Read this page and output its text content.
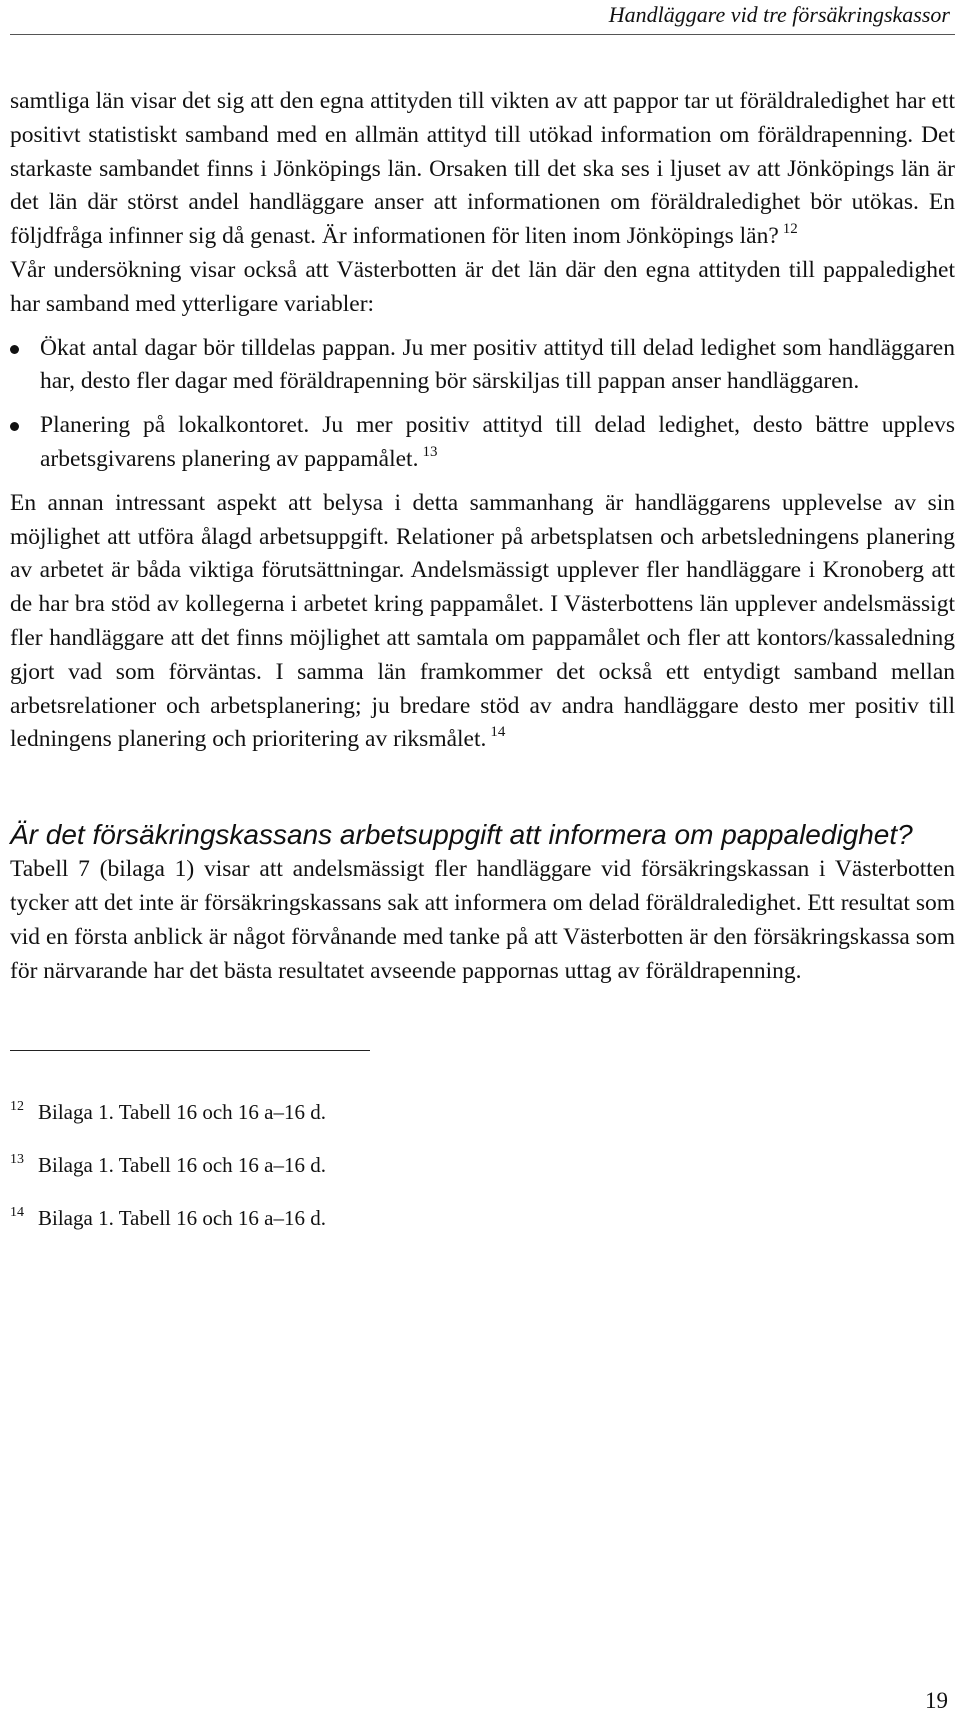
Handläggare vid tre försäkringskassor

samtliga län visar det sig att den egna attityden till vikten av att pappor tar ut föräldraledighet har ett positivt statistiskt samband med en allmän attityd till utökad information om föräldrapenning. Det starkaste sambandet finns i Jönköpings län. Orsaken till det ska ses i ljuset av att Jönköpings län är det län där störst andel handläggare anser att informationen om föräldraledighet bör utökas. En följdfråga infinner sig då genast. Är informationen för liten inom Jönköpings län? $^{12}$

Vår undersökning visar också att Västerbotten är det län där den egna attityden till pappaledighet har samband med ytterligare variabler:

Ökat antal dagar bör tilldelas pappan. Ju mer positiv attityd till delad ledighet som handläggaren har, desto fler dagar med föräldrapenning bör särskiljas till pappan anser handläggaren.
Planering på lokalkontoret. Ju mer positiv attityd till delad ledighet, desto bättre upplevs arbetsgivarens planering av pappamålet. $^{13}$

En annan intressant aspekt att belysa i detta sammanhang är handläggarens upplevelse av sin möjlighet att utföra ålagd arbetsuppgift. Relationer på arbetsplatsen och arbetsledningens planering av arbetet är båda viktiga förutsättningar. Andelsmässigt upplever fler handläggare i Kronoberg att de har bra stöd av kollegerna i arbetet kring pappamålet. I Västerbottens län upplever andelsmässigt fler handläggare att det finns möjlighet att samtala om pappamålet och fler att kontors/kassaledning gjort vad som förväntas. I samma län framkommer det också ett entydigt samband mellan arbetsrelationer och arbetsplanering; ju bredare stöd av andra handläggare desto mer positiv till ledningens planering och prioritering av riksmålet. $^{14}$

Är det försäkringskassans arbetsuppgift att informera om pappaledighet?

Tabell 7 (bilaga 1) visar att andelsmässigt fler handläggare vid försäkringskassan i Västerbotten tycker att det inte är försäkringskassans sak att informera om delad föräldraledighet. Ett resultat som vid en första anblick är något förvånande med tanke på att Västerbotten är den försäkringskassa som för närvarande har det bästa resultatet avseende pappornas uttag av föräldrapenning.

12 Bilaga 1. Tabell 16 och 16 a–16 d.
13 Bilaga 1. Tabell 16 och 16 a–16 d.
14 Bilaga 1. Tabell 16 och 16 a–16 d.
19
